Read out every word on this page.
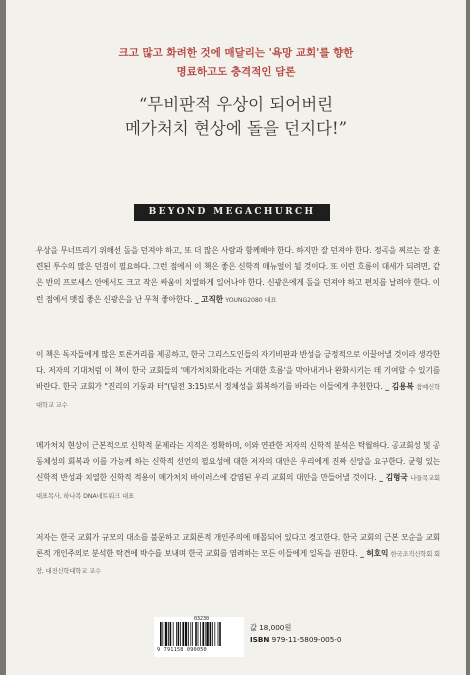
크고 많고 화려한 것에 매달리는 '욕망 교회'를 향한
명료하고도 충격적인 담론
“무비판적 우상이 되어버린
메가처치 현상에 돌을 던지다!”
BEYOND MEGACHURCH

우상을 무너뜨리기 위해선 돌을 던져야 하고, 또 더 많은 사람과 함께해야 한다. 하지만 잘 던져야 한다. 정곡을 찌르는 잘 훈련된 투수의 많은 던짐이 필요하다. 그런 점에서 이 책은 좋은 신학적 매뉴얼이 될 것이다. 또 이런 흐름이 대세가 되려면, 같은 반의 프로세스 안에서도 크고 작은 싸움이 치열하게 일어나야 한다. 신광은에게 돌을 던져야 하고 편치를 날려야 한다. 이런 점에서 맷집 좋은 신광은을 난 무척 좋아한다. _ 고직한 YOUNG2080 대표

이 책은 독자들에게 많은 토론거리를 제공하고, 한국 그리스도인들의 자기비판과 반성을 긍정적으로 이끌어낼 것이라 생각한다. 저자의 기대처럼 이 책이 한국 교회들의 '메가처치화化라는 거대한 흐름'을 막아내거나 완화시키는 데 기여할 수 있기를 바란다. 한국 교회가 "진리의 기둥과 터"(딤전 3:15)로서 정체성을 회복하기를 바라는 이들에게 추천한다. _ 김용복 참예신학대학교 교수

메가처치 현상이 근본적으로 신학적 문제라는 지적은 정확하며, 이와 연관한 저자의 신학적 분석은 탁월하다. 공교회성 및 공동체성의 회복과 이를 가능케 하는 신학적 선언의 필요성에 대한 저자의 대안은 우리에게 진짜 신앙을 요구한다. 균형 있는 신학적 반성과 치열한 신학적 적용이 메가처치 바이러스에 감염된 우리 교회의 대안을 만들어낼 것이다. _ 김형국 나들목교회 대표목사, 하나복 DNA네트워크 대표

저자는 한국 교회가 규모의 대소를 불문하고 교회론적 개인주의에 매몰되어 있다고 경고한다. 한국 교회의 근본 모순을 교회론적 개인주의로 분석한 탁견에 박수를 보내며 한국 교회를 염려하는 모든 이들에게 일독을 권한다. _ 허호익 한국조직신학회 회장, 대전신학대학교 교수

03230
9 791158 090050
값 18,000원
ISBN 979-11-5809-005-0
